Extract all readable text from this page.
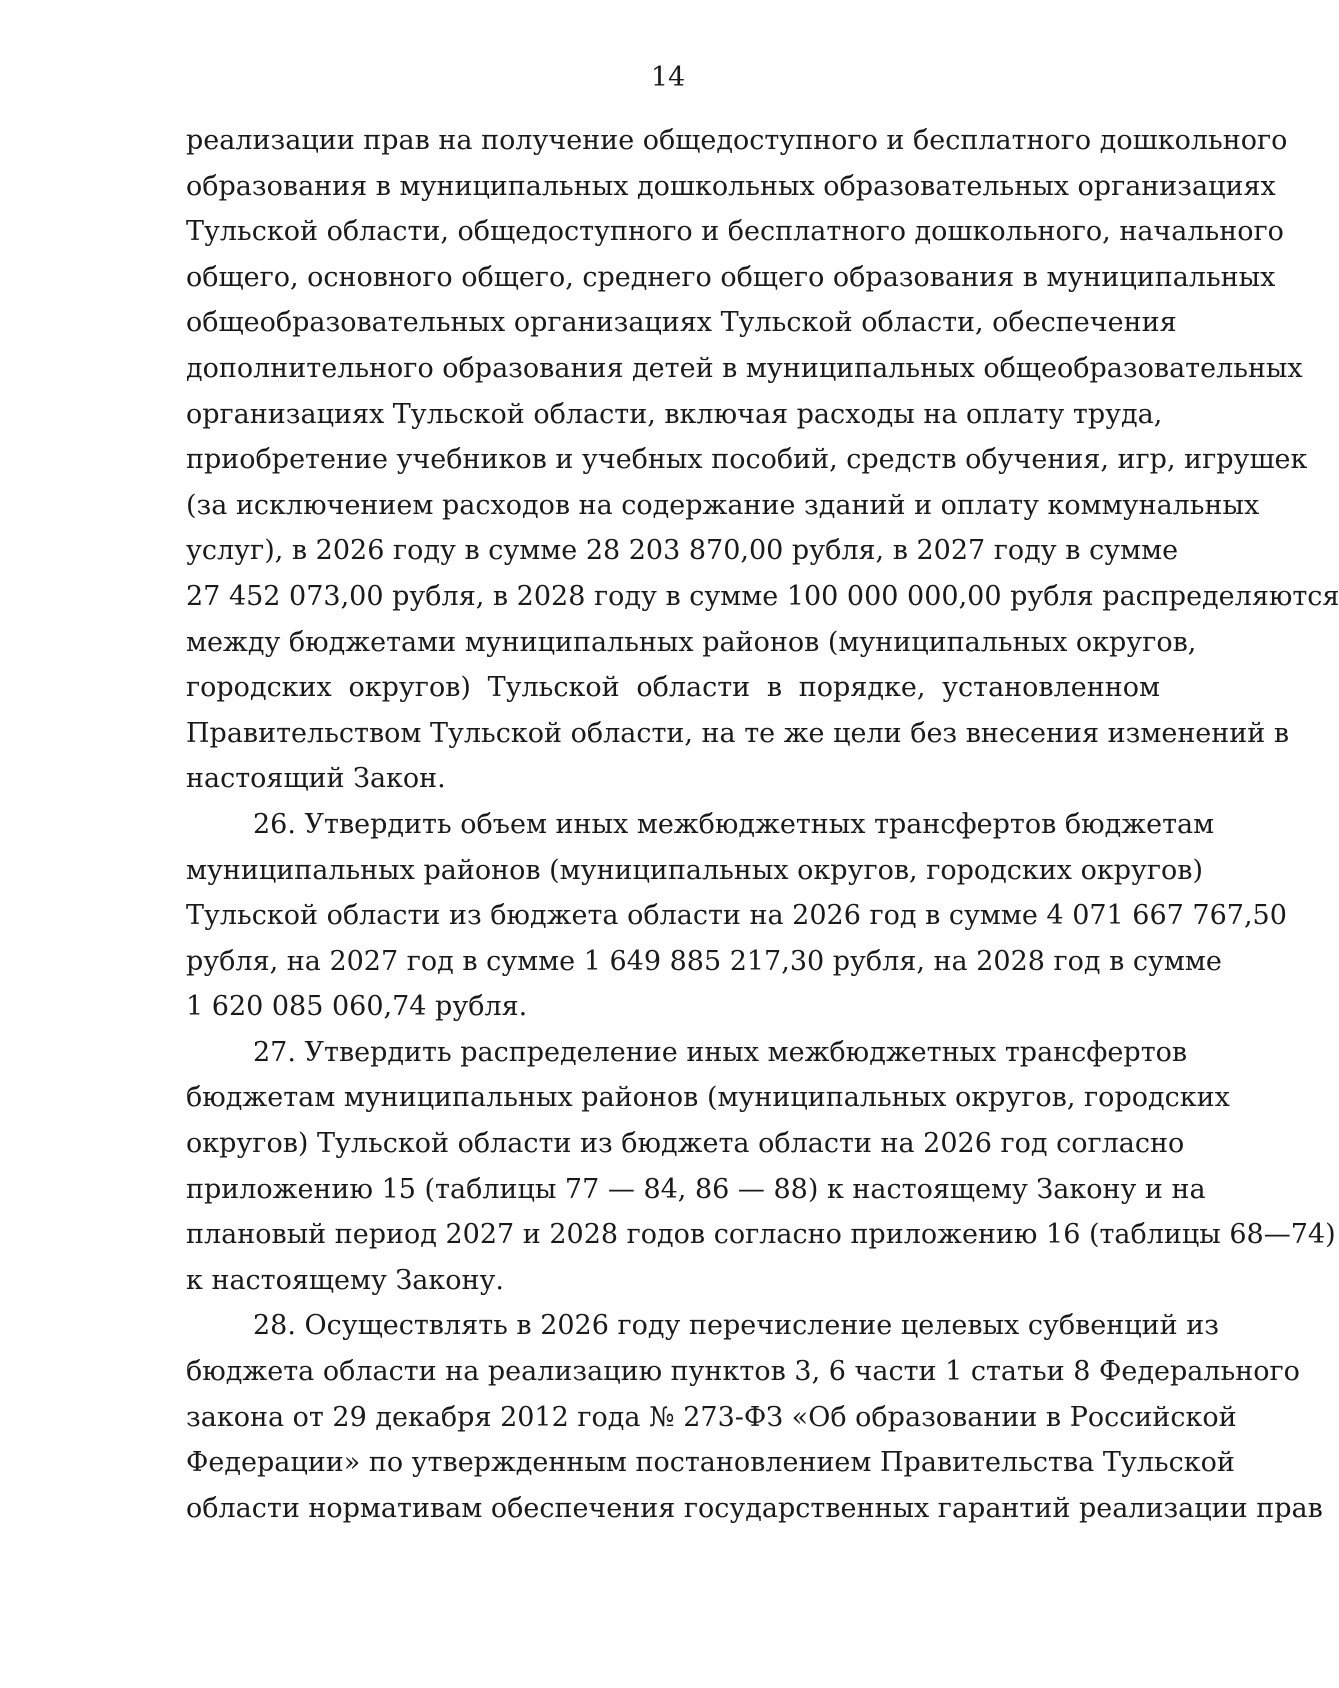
14
реализации прав на получение общедоступного и бесплатного дошкольного
образования в муниципальных дошкольных образовательных организациях
Тульской области, общедоступного и бесплатного дошкольного, начального
общего, основного общего, среднего общего образования в муниципальных
общеобразовательных организациях Тульской области, обеспечения
дополнительного образования детей в муниципальных общеобразовательных
организациях Тульской области, включая расходы на оплату труда,
приобретение учебников и учебных пособий, средств обучения, игр, игрушек
(за исключением расходов на содержание зданий и оплату коммунальных
услуг), в 2026 году в сумме 28 203 870,00 рубля, в 2027 году в сумме
27 452 073,00 рубля, в 2028 году в сумме 100 000 000,00 рубля распределяются
между бюджетами муниципальных районов (муниципальных округов,
городских округов) Тульской области в порядке, установленном
Правительством Тульской области, на те же цели без внесения изменений в
настоящий Закон.
26. Утвердить объем иных межбюджетных трансфертов бюджетам
муниципальных районов (муниципальных округов, городских округов)
Тульской области из бюджета области на 2026 год в сумме 4 071 667 767,50
рубля, на 2027 год в сумме 1 649 885 217,30 рубля, на 2028 год в сумме
1 620 085 060,74 рубля.
27. Утвердить распределение иных межбюджетных трансфертов
бюджетам муниципальных районов (муниципальных округов, городских
округов) Тульской области из бюджета области на 2026 год согласно
приложению 15 (таблицы 77 — 84, 86 — 88) к настоящему Закону и на
плановый период 2027 и 2028 годов согласно приложению 16 (таблицы 68—74)
к настоящему Закону.
28. Осуществлять в 2026 году перечисление целевых субвенций из
бюджета области на реализацию пунктов 3, 6 части 1 статьи 8 Федерального
закона от 29 декабря 2012 года № 273-ФЗ «Об образовании в Российской
Федерации» по утвержденным постановлением Правительства Тульской
области нормативам обеспечения государственных гарантий реализации прав
